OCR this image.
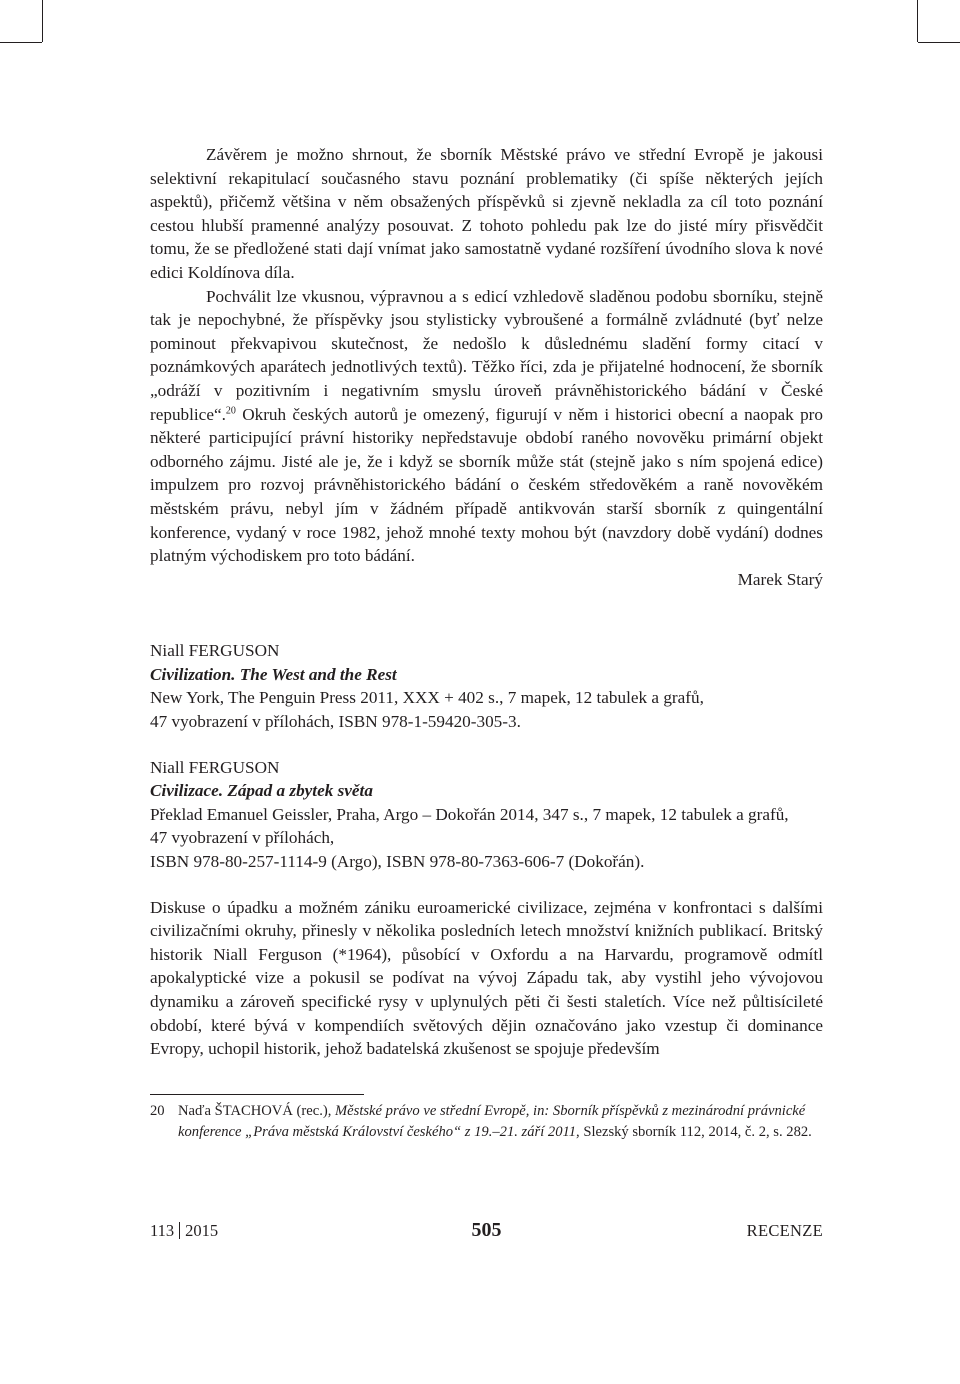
Závěrem je možno shrnout, že sborník Městské právo ve střední Evropě je jakousi selektivní rekapitulací současného stavu poznání problematiky (či spíše některých jejích aspektů), přičemž většina v něm obsažených příspěvků si zjevně nekladla za cíl toto poznání cestou hlubší pramenné analýzy posouvat. Z tohoto pohledu pak lze do jisté míry přisvědčit tomu, že se předložené stati dají vnímat jako samostatně vydané rozšíření úvodního slova k nové edici Koldínova díla.

Pochválit lze vkusnou, výpravnou a s edicí vzhledově sladěnou podobu sborníku, stejně tak je nepochybné, že příspěvky jsou stylisticky vybroušené a formálně zvládnuté (byť nelze pominout překvapivou skutečnost, že nedošlo k důslednému sladění formy citací v poznámkových aparátech jednotlivých textů). Těžko říci, zda je přijatelné hodnocení, že sborník „odráží v pozitivním i negativním smyslu úroveň právněhistorického bádání v České republice“.$^{20}$ Okruh českých autorů je omezený, figurují v něm i historici obecní a naopak pro některé participující právní historiky nepředstavuje období raného novověku primární objekt odborného zájmu. Jisté ale je, že i když se sborník může stát (stejně jako s ním spojená edice) impulzem pro rozvoj právněhistorického bádání o českém středověkém a raně novověkém městském právu, nebyl jím v žádném případě antikvován starší sborník z quingentální konference, vydaný v roce 1982, jehož mnohé texty mohou být (navzdory době vydání) dodnes platným východiskem pro toto bádání.

Marek Starý

Niall FERGUSON

Civilization. The West and the Rest

New York, The Penguin Press 2011, XXX + 402 s., 7 mapek, 12 tabulek a grafů,

47 vyobrazení v přílohách, ISBN 978-1-59420-305-3.

Niall FERGUSON

Civilizace. Západ a zbytek světa

Překlad Emanuel Geissler, Praha, Argo – Dokořán 2014, 347 s., 7 mapek, 12 tabulek a grafů,

47 vyobrazení v přílohách,

ISBN 978-80-257-1114-9 (Argo), ISBN 978-80-7363-606-7 (Dokořán).

Diskuse o úpadku a možném zániku euroamerické civilizace, zejména v konfrontaci s dalšími civilizačními okruhy, přinesly v několika posledních letech množství knižních publikací. Britský historik Niall Ferguson (*1964), působící v Oxfordu a na Harvardu, programově odmítl apokalyptické vize a pokusil se podívat na vývoj Západu tak, aby vystihl jeho vývojovou dynamiku a zároveň specifické rysy v uplynulých pěti či šesti staletích. Více než půltisícileté období, které bývá v kompendiích světových dějin označováno jako vzestup či dominance Evropy, uchopil historik, jehož badatelská zkušenost se spojuje především

20 Naďa ŠTACHOVÁ (rec.), Městské právo ve střední Evropě, in: Sborník příspěvků z mezinárodní právnické konference „Práva městská Království českého“ z 19.–21. září 2011, Slezský sborník 112, 2014, č. 2, s. 282.
113 2015	505	RECENZE
